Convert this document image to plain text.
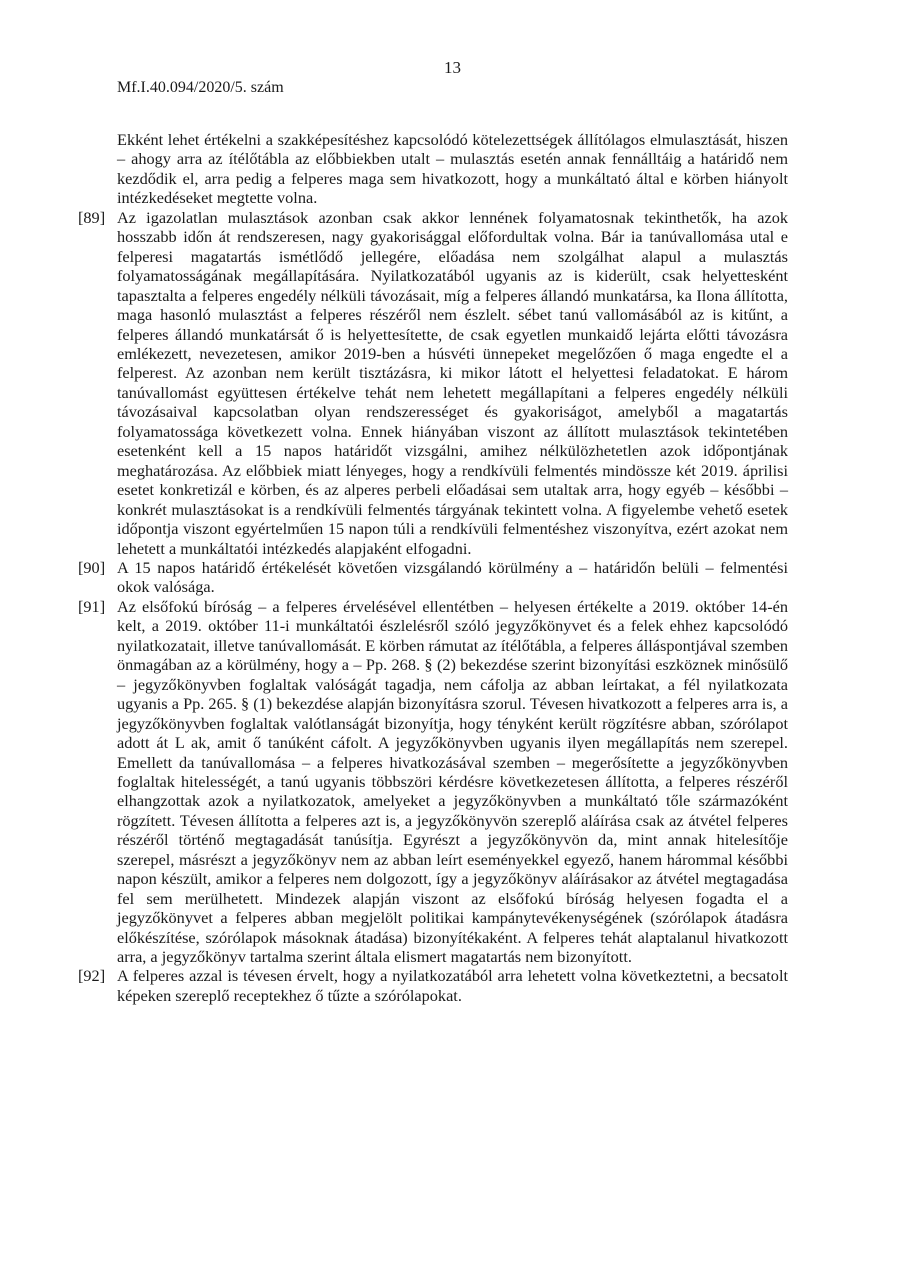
13
Mf.I.40.094/2020/5. szám

Ekként lehet értékelni a szakképesítéshez kapcsolódó kötelezettségek állítólagos elmulasztását, hiszen – ahogy arra az ítélőtábla az előbbiekben utalt – mulasztás esetén annak fennálltáig a határidő nem kezdődik el, arra pedig a felperes maga sem hivatkozott, hogy a munkáltató által e körben hiányolt intézkedéseket megtette volna.

[89] Az igazolatlan mulasztások azonban csak akkor lennének folyamatosnak tekinthetők, ha azok hosszabb időn át rendszeresen, nagy gyakorisággal előfordultak volna. Bár ia tanúvallomása utal e felperesi magatartás ismétlődő jellegére, előadása nem szolgálhat alapul a mulasztás folyamatosságának megállapítására. Nyilatkozatából ugyanis az is kiderült, csak helyettesként tapasztalta a felperes engedély nélküli távozásait, míg a felperes állandó munkatársa, ka Ilona állította, maga hasonló mulasztást a felperes részéről nem észlelt. sébet tanú vallomásából az is kitűnt, a felperes állandó munkatársát ő is helyettesítette, de csak egyetlen munkaidő lejárta előtti távozásra emlékezett, nevezetesen, amikor 2019-ben a húsvéti ünnepeket megelőzően ő maga engedte el a felperest. Az azonban nem került tisztázásra, ki mikor látott el helyettesi feladatokat. E három tanúvallomást együttesen értékelve tehát nem lehetett megállapítani a felperes engedély nélküli távozásaival kapcsolatban olyan rendszerességet és gyakoriságot, amelyből a magatartás folyamatossága következett volna. Ennek hiányában viszont az állított mulasztások tekintetében esetenként kell a 15 napos határidőt vizsgálni, amihez nélkülözhetetlen azok időpontjának meghatározása. Az előbbiek miatt lényeges, hogy a rendkívüli felmentés mindössze két 2019. áprilisi esetet konkretizál e körben, és az alperes perbeli előadásai sem utaltak arra, hogy egyéb – későbbi – konkrét mulasztásokat is a rendkívüli felmentés tárgyának tekintett volna. A figyelembe vehető esetek időpontja viszont egyértelműen 15 napon túli a rendkívüli felmentéshez viszonyítva, ezért azokat nem lehetett a munkáltatói intézkedés alapjaként elfogadni.

[90] A 15 napos határidő értékelését követően vizsgálandó körülmény a – határidőn belüli – felmentési okok valósága.

[91] Az elsőfokú bíróság – a felperes érvelésével ellentétben – helyesen értékelte a 2019. október 14-én kelt, a 2019. október 11-i munkáltatói észlelésről szóló jegyzőkönyvet és a felek ehhez kapcsolódó nyilatkozatait, illetve tanúvallomását. E körben rámutat az ítélőtábla, a felperes álláspontjával szemben önmagában az a körülmény, hogy a – Pp. 268. § (2) bekezdése szerint bizonyítási eszköznek minősülő – jegyzőkönyvben foglaltak valóságát tagadja, nem cáfolja az abban leírtakat, a fél nyilatkozata ugyanis a Pp. 265. § (1) bekezdése alapján bizonyításra szorul. Tévesen hivatkozott a felperes arra is, a jegyzőkönyvben foglaltak valótlanságát bizonyítja, hogy tényként került rögzítésre abban, szórólapot adott át L ak, amit ő tanúként cáfolt. A jegyzőkönyvben ugyanis ilyen megállapítás nem szerepel. Emellett da tanúvallomása – a felperes hivatkozásával szemben – megerősítette a jegyzőkönyvben foglaltak hitelességét, a tanú ugyanis többszöri kérdésre következetesen állította, a felperes részéről elhangzottak azok a nyilatkozatok, amelyeket a jegyzőkönyvben a munkáltató tőle származóként rögzített. Tévesen állította a felperes azt is, a jegyzőkönyvön szereplő aláírása csak az átvétel felperes részéről történő megtagadását tanúsítja. Egyrészt a jegyzőkönyvön da, mint annak hitelesítője szerepel, másrészt a jegyzőkönyv nem az abban leírt eseményekkel egyező, hanem hárommal későbbi napon készült, amikor a felperes nem dolgozott, így a jegyzőkönyv aláírásakor az átvétel megtagadása fel sem merülhetett. Mindezek alapján viszont az elsőfokú bíróság helyesen fogadta el a jegyzőkönyvet a felperes abban megjelölt politikai kampánytevékenységének (szórólapok átadásra előkészítése, szórólapok másoknak átadása) bizonyítékaként. A felperes tehát alaptalanul hivatkozott arra, a jegyzőkönyv tartalma szerint általa elismert magatartás nem bizonyított.

[92] A felperes azzal is tévesen érvelt, hogy a nyilatkozatából arra lehetett volna következtetni, a becsatolt képeken szereplő receptekhez ő tűzte a szórólapokat.
